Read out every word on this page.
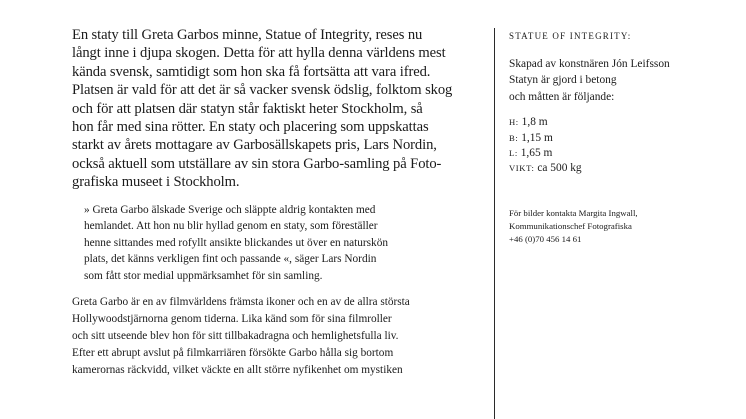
En staty till Greta Garbos minne, Statue of Integrity, reses nu
långt inne i djupa skogen. Detta för att hylla denna världens mest
kända svensk, samtidigt som hon ska få fortsätta att vara ifred.
Platsen är vald för att det är så vacker svensk ödslig, folktom skog
och för att platsen där statyn står faktiskt heter Stockholm, så
hon får med sina rötter. En staty och placering som uppskattas
starkt av årets mottagare av Garbosällskapets pris, Lars Nordin,
också aktuell som utställare av sin stora Garbo-samling på Foto-
grafiska museet i Stockholm.

» Greta Garbo älskade Sverige och släppte aldrig kontakten med
hemlandet. Att hon nu blir hyllad genom en staty, som föreställer
henne sittandes med rofyllt ansikte blickandes ut över en naturskön
plats, det känns verkligen fint och passande «, säger Lars Nordin
som fått stor medial uppmärksamhet för sin samling.

Greta Garbo är en av filmvärldens främsta ikoner och en av de allra största
Hollywoodstjärnorna genom tiderna. Lika känd som för sina filmroller
och sitt utseende blev hon för sitt tillbakadragna och hemlighetsfulla liv.
Efter ett abrupt avslut på filmkarriären försökte Garbo hålla sig bortom
kamerornas räckvidd, vilket väckte en allt större nyfikenhet om mystiken

STATUE OF INTEGRITY:

Skapad av konstnären Jón Leifsson
Statyn är gjord i betong
och måtten är följande:

H: 1,8 m
B: 1,15 m
L: 1,65 m
VIKT: ca 500 kg

För bilder kontakta Margita Ingwall,
Kommunikationschef Fotografiska
+46 (0)70 456 14 61
